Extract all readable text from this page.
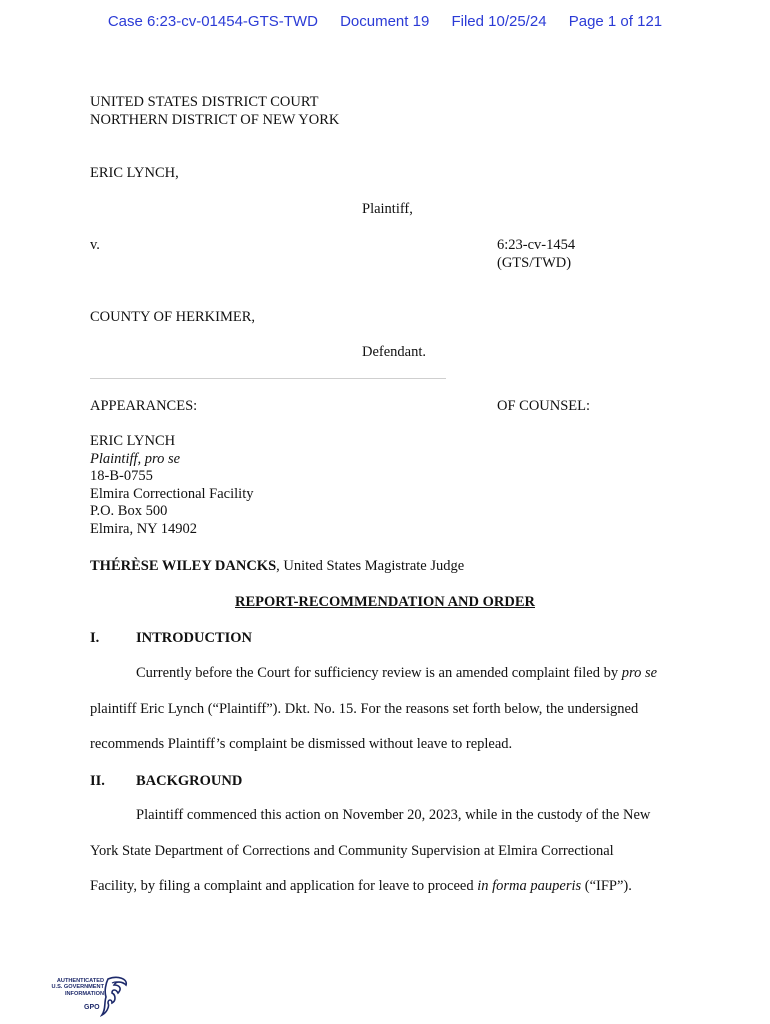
Case 6:23-cv-01454-GTS-TWD Document 19 Filed 10/25/24 Page 1 of 121
UNITED STATES DISTRICT COURT
NORTHERN DISTRICT OF NEW YORK
ERIC LYNCH,
Plaintiff,
v.	6:23-cv-1454
(GTS/TWD)
COUNTY OF HERKIMER,
Defendant.
APPEARANCES:	OF COUNSEL:
ERIC LYNCH
Plaintiff, pro se
18-B-0755
Elmira Correctional Facility
P.O. Box 500
Elmira, NY 14902
THÉRÈSE WILEY DANCKS, United States Magistrate Judge
REPORT-RECOMMENDATION AND ORDER
I.	INTRODUCTION
Currently before the Court for sufficiency review is an amended complaint filed by pro se
plaintiff Eric Lynch (“Plaintiff”). Dkt. No. 15. For the reasons set forth below, the undersigned
recommends Plaintiff’s complaint be dismissed without leave to replead.
II. BACKGROUND
Plaintiff commenced this action on November 20, 2023, while in the custody of the New
York State Department of Corrections and Community Supervision at Elmira Correctional
Facility, by filing a complaint and application for leave to proceed in forma pauperis (“IFP”).
AUTHENTICATED
U.S. GOVERNMENT
INFORMATION
GPO
